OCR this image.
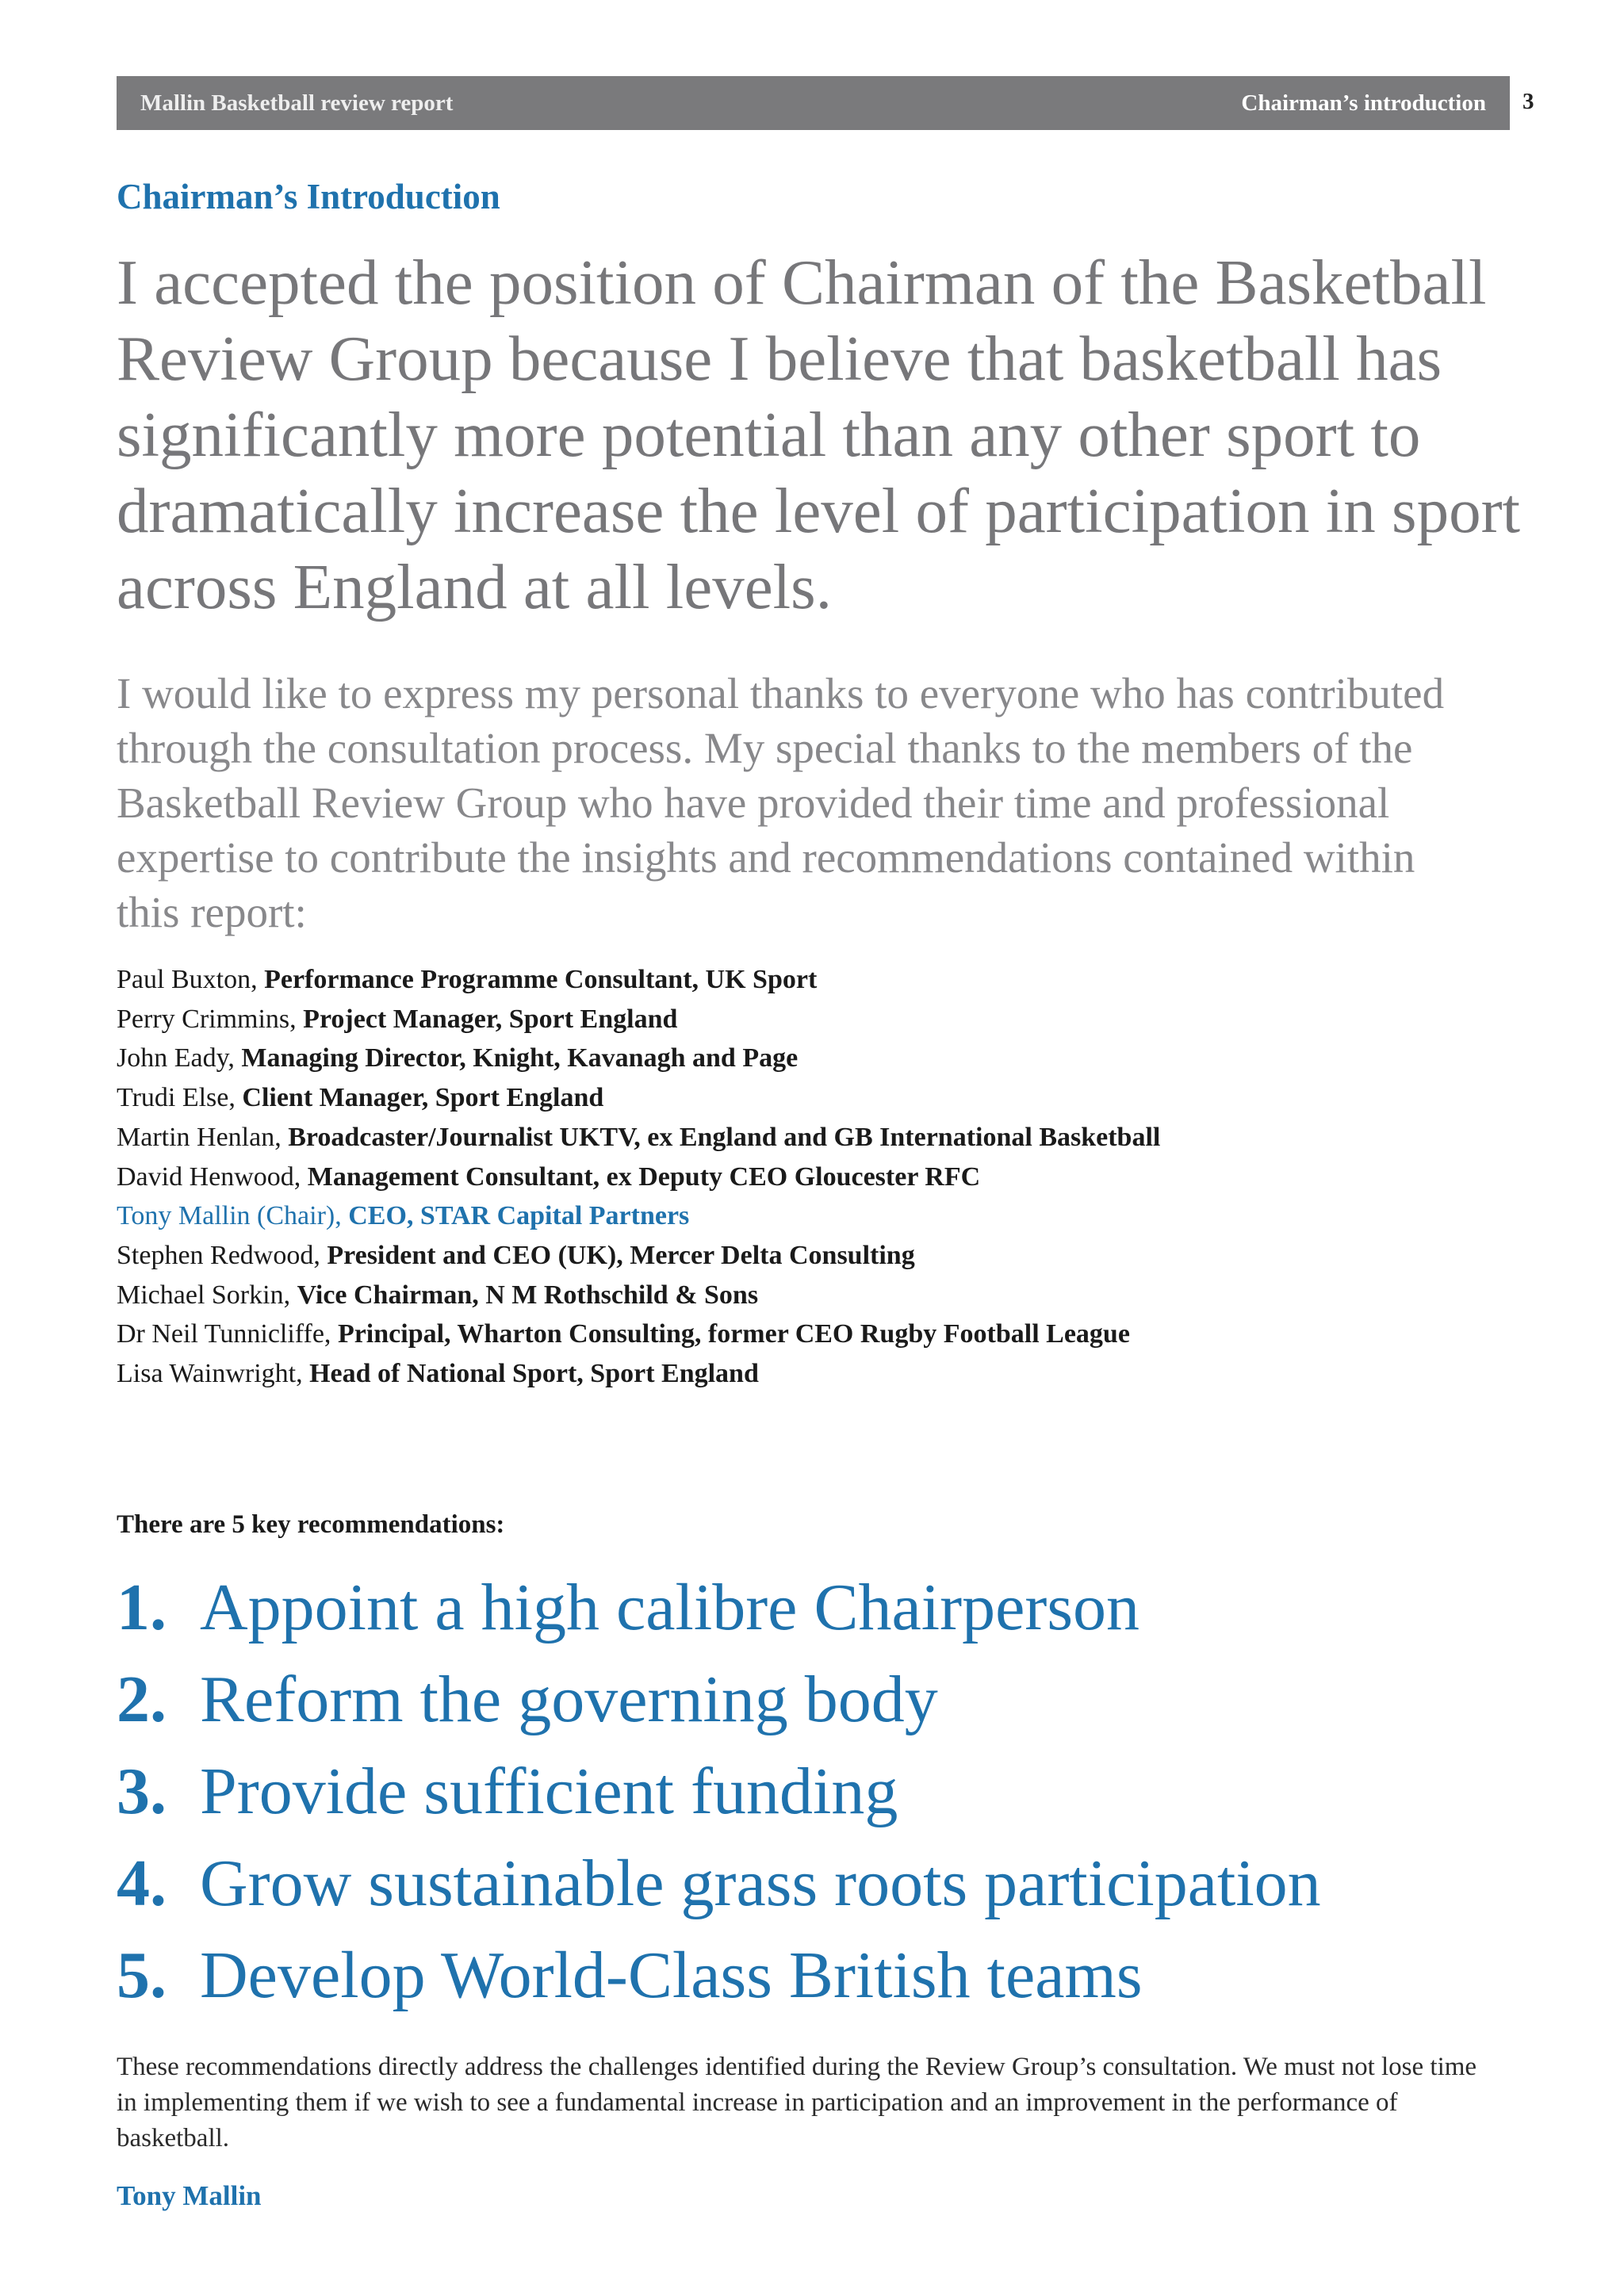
Mallin Basketball review report	Chairman’s introduction 3
Chairman’s Introduction

I accepted the position of Chairman of the Basketball Review Group because I believe that basketball has significantly more potential than any other sport to dramatically increase the level of participation in sport across England at all levels.

I would like to express my personal thanks to everyone who has contributed through the consultation process. My special thanks to the members of the Basketball Review Group who have provided their time and professional expertise to contribute the insights and recommendations contained within this report:

Paul Buxton, Performance Programme Consultant, UK Sport
Perry Crimmins, Project Manager, Sport England
John Eady, Managing Director, Knight, Kavanagh and Page
Trudi Else, Client Manager, Sport England
Martin Henlan, Broadcaster/Journalist UKTV, ex England and GB International Basketball
David Henwood, Management Consultant, ex Deputy CEO Gloucester RFC
Tony Mallin (Chair), CEO, STAR Capital Partners
Stephen Redwood, President and CEO (UK), Mercer Delta Consulting
Michael Sorkin, Vice Chairman, N M Rothschild & Sons
Dr Neil Tunnicliffe, Principal, Wharton Consulting, former CEO Rugby Football League
Lisa Wainwright, Head of National Sport, Sport England
There are 5 key recommendations:
1. Appoint a high calibre Chairperson
2. Reform the governing body
3. Provide sufficient funding
4. Grow sustainable grass roots participation
5. Develop World-Class British teams

These recommendations directly address the challenges identified during the Review Group’s consultation. We must not lose time in implementing them if we wish to see a fundamental increase in participation and an improvement in the performance of basketball.

Tony Mallin
